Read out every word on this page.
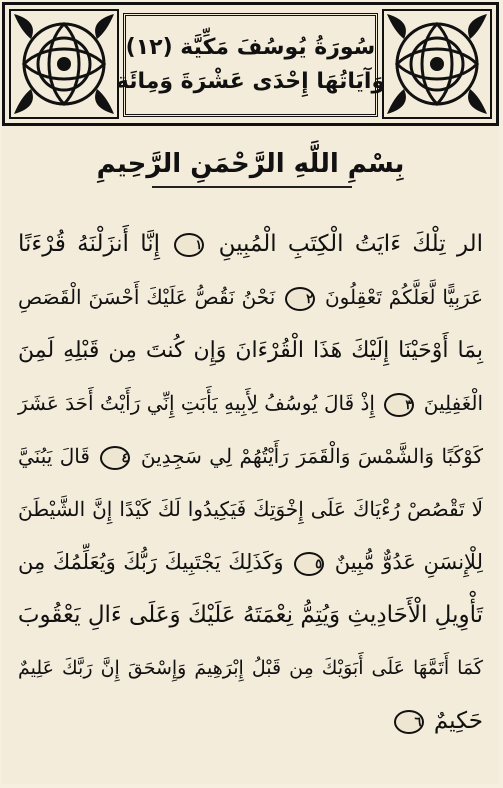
سُورَةُ يُوسُفَ مَكِّيَّة (١٢)
وَآيَاتُهَا إِحْدَى عَشْرَةَ وَمِائَة
بِسْمِ اللَّهِ الرَّحْمَنِ الرَّحِيمِ
الر تِلْكَ ءَايَتُ الْكِتَبِ الْمُبِينِ ١ إِنَّا أَنزَلْنَهُ قُرْءَنًا
عَرَبِيًّا لَّعَلَّكُمْ تَعْقِلُونَ ٢ نَحْنُ نَقُصُّ عَلَيْكَ أَحْسَنَ الْقَصَصِ
بِمَا أَوْحَيْنَا إِلَيْكَ هَذَا الْقُرْءَانَ وَإِن كُنتَ مِن قَبْلِهِ لَمِنَ
الْغَفِلِينَ ٣ إِذْ قَالَ يُوسُفُ لِأَبِيهِ يَأَبَتِ إِنِّي رَأَيْتُ أَحَدَ عَشَرَ
كَوْكَبًا وَالشَّمْسَ وَالْقَمَرَ رَأَيْتُهُمْ لِي سَجِدِينَ ٤ قَالَ يَبُنَيَّ
لَا تَقْصُصْ رُءْيَاكَ عَلَى إِخْوَتِكَ فَيَكِيدُوا لَكَ كَيْدًا إِنَّ الشَّيْطَنَ
لِلْإِنسَنِ عَدُوٌّ مُّبِينٌ ٥ وَكَذَلِكَ يَجْتَبِيكَ رَبُّكَ وَيُعَلِّمُكَ مِن
تَأْوِيلِ الْأَحَادِيثِ وَيُتِمُّ نِعْمَتَهُ عَلَيْكَ وَعَلَى ءَالِ يَعْقُوبَ
كَمَا أَتَمَّهَا عَلَى أَبَوَيْكَ مِن قَبْلُ إِبْرَهِيمَ وَإِسْحَقَ إِنَّ رَبَّكَ عَلِيمٌ
حَكِيمٌ ٦
